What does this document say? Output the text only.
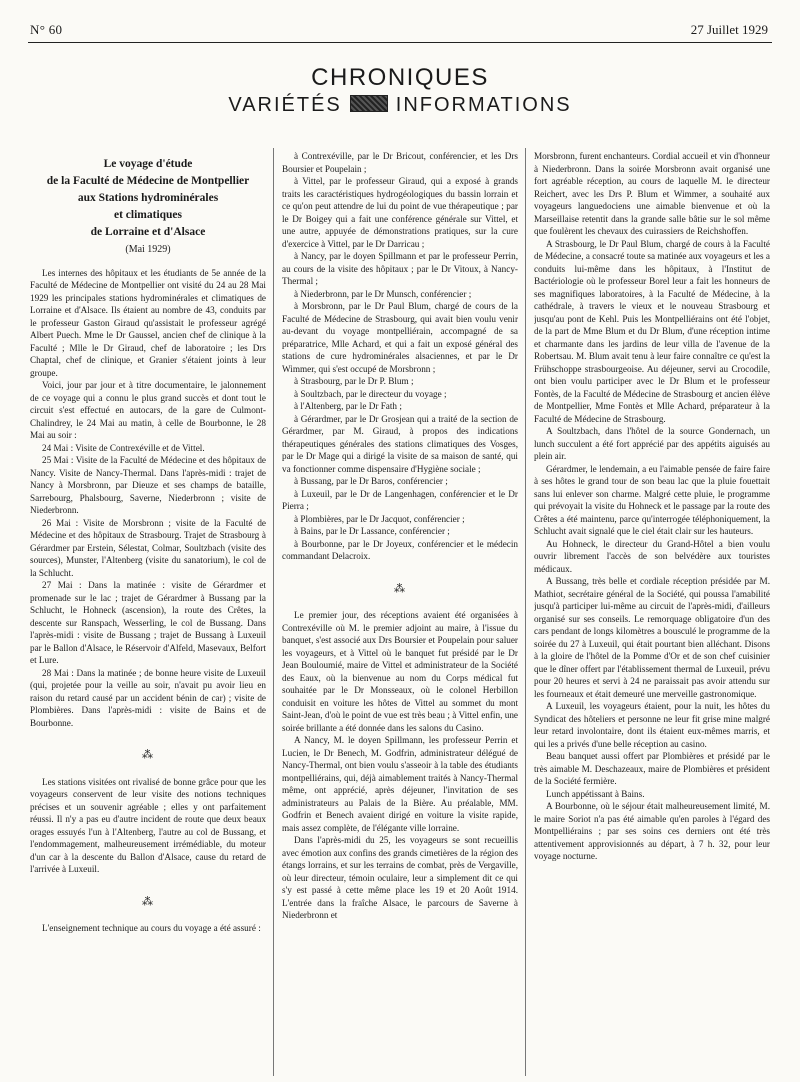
N° 60	27 Juillet 1929
CHRONIQUES
VARIÉTÉS	INFORMATIONS
Le voyage d'étude
de la Faculté de Médecine de Montpellier
aux Stations hydrominérales
et climatiques
de Lorraine et d'Alsace
(Mai 1929)

Les internes des hôpitaux et les étudiants de 5e année de la Faculté de Médecine de Montpellier ont visité du 24 au 28 Mai 1929 les principales stations hydrominérales et climatiques de Lorraine et d'Alsace. Ils étaient au nombre de 43, conduits par le professeur Gaston Giraud qu'assistait le professeur agrégé Albert Puech. Mme le Dr Gaussel, ancien chef de clinique à la Faculté ; Mlle le Dr Giraud, chef de laboratoire ; les Drs Chaptal, chef de clinique, et Granier s'étaient joints à leur groupe.

Voici, jour par jour et à titre documentaire, le jalonnement de ce voyage qui a connu le plus grand succès et dont tout le circuit s'est effectué en autocars, de la gare de Culmont-Chalindrey, le 24 Mai au matin, à celle de Bourbonne, le 28 Mai au soir :

24 Mai : Visite de Contrexéville et de Vittel.

25 Mai : Visite de la Faculté de Médecine et des hôpitaux de Nancy. Visite de Nancy-Thermal. Dans l'après-midi : trajet de Nancy à Morsbronn, par Dieuze et ses champs de bataille, Sarrebourg, Phalsbourg, Saverne, Niederbronn ; visite de Niederbronn.

26 Mai : Visite de Morsbronn ; visite de la Faculté de Médecine et des hôpitaux de Strasbourg. Trajet de Strasbourg à Gérardmer par Erstein, Sélestat, Colmar, Soultzbach (visite des sources), Munster, l'Altenberg (visite du sanatorium), le col de la Schlucht.

27 Mai : Dans la matinée : visite de Gérardmer et promenade sur le lac ; trajet de Gérardmer à Bussang par la Schlucht, le Hohneck (ascension), la route des Crêtes, la descente sur Ranspach, Wesserling, le col de Bussang. Dans l'après-midi : visite de Bussang ; trajet de Bussang à Luxeuil par le Ballon d'Alsace, le Réservoir d'Alfeld, Masevaux, Belfort et Lure.

28 Mai : Dans la matinée ; de bonne heure visite de Luxeuil (qui, projetée pour la veille au soir, n'avait pu avoir lieu en raison du retard causé par un accident bénin de car) ; visite de Plombières. Dans l'après-midi : visite de Bains et de Bourbonne.

⁂

Les stations visitées ont rivalisé de bonne grâce pour que les voyageurs conservent de leur visite des notions techniques précises et un souvenir agréable ; elles y ont parfaitement réussi. Il n'y a pas eu d'autre incident de route que deux beaux orages essuyés l'un à l'Altenberg, l'autre au col de Bussang, et l'endommagement, malheureusement irrémédiable, du moteur d'un car à la descente du Ballon d'Alsace, cause du retard de l'arrivée à Luxeuil.

⁂

L'enseignement technique au cours du voyage a été assuré :

à Contrexéville, par le Dr Bricout, conférencier, et les Drs Boursier et Poupelain ;

à Vittel, par le professeur Giraud, qui a exposé à grands traits les caractéristiques hydrogéologiques du bassin lorrain et ce qu'on peut attendre de lui du point de vue thérapeutique ; par le Dr Boigey qui a fait une conférence générale sur Vittel, et une autre, appuyée de démonstrations pratiques, sur la cure d'exercice à Vittel, par le Dr Darricau ;

à Nancy, par le doyen Spillmann et par le professeur Perrin, au cours de la visite des hôpitaux ; par le Dr Vitoux, à Nancy-Thermal ;

à Niederbronn, par le Dr Munsch, conférencier ;

à Morsbronn, par le Dr Paul Blum, chargé de cours de la Faculté de Médecine de Strasbourg, qui avait bien voulu venir au-devant du voyage montpelliérain, accompagné de sa préparatrice, Mlle Achard, et qui a fait un exposé général des stations de cure hydrominérales alsaciennes, et par le Dr Wimmer, qui s'est occupé de Morsbronn ;

à Strasbourg, par le Dr P. Blum ;

à Soultzbach, par le directeur du voyage ;

à l'Altenberg, par le Dr Fath ;

à Gérardmer, par le Dr Grosjean qui a traité de la section de Gérardmer, par M. Giraud, à propos des indications thérapeutiques générales des stations climatiques des Vosges, par le Dr Mage qui a dirigé la visite de sa maison de santé, qui va fonctionner comme dispensaire d'Hygiène sociale ;

à Bussang, par le Dr Baros, conférencier ;

à Luxeuil, par le Dr de Langenhagen, conférencier et le Dr Pierra ;

à Plombières, par le Dr Jacquot, conférencier ;

à Bains, par le Dr Lassance, conférencier ;

à Bourbonne, par le Dr Joyeux, conférencier et le médecin commandant Delacroix.

⁂

Le premier jour, des réceptions avaient été organisées à Contrexéville où M. le premier adjoint au maire, à l'issue du banquet, s'est associé aux Drs Boursier et Poupelain pour saluer les voyageurs, et à Vittel où le banquet fut présidé par le Dr Jean Bouloumié, maire de Vittel et administrateur de la Société des Eaux, où la bienvenue au nom du Corps médical fut souhaitée par le Dr Monsseaux, où le colonel Herbillon conduisit en voiture les hôtes de Vittel au sommet du mont Saint-Jean, d'où le point de vue est très beau ; à Vittel enfin, une soirée brillante a été donnée dans les salons du Casino.

A Nancy, M. le doyen Spillmann, les professeur Perrin et Lucien, le Dr Benech, M. Godfrin, administrateur délégué de Nancy-Thermal, ont bien voulu s'asseoir à la table des étudiants montpelliérains, qui, déjà aimablement traités à Nancy-Thermal même, ont apprécié, après déjeuner, l'invitation de ses administrateurs au Palais de la Bière. Au préalable, MM. Godfrin et Benech avaient dirigé en voiture la visite rapide, mais assez complète, de l'élégante ville lorraine.

Dans l'après-midi du 25, les voyageurs se sont recueillis avec émotion aux confins des grands cimetières de la région des étangs lorrains, et sur les terrains de combat, près de Vergaville, où leur directeur, témoin oculaire, leur a simplement dit ce qui s'y est passé à cette même place les 19 et 20 Août 1914. L'entrée dans la fraîche Alsace, le parcours de Saverne à Niederbronn et

Morsbronn, furent enchanteurs. Cordial accueil et vin d'honneur à Niederbronn. Dans la soirée Morsbronn avait organisé une fort agréable réception, au cours de laquelle M. le directeur Reichert, avec les Drs P. Blum et Wimmer, a souhaité aux voyageurs languedociens une aimable bienvenue et où la Marseillaise retentit dans la grande salle bâtie sur le sol même que foulèrent les chevaux des cuirassiers de Reichshoffen.

A Strasbourg, le Dr Paul Blum, chargé de cours à la Faculté de Médecine, a consacré toute sa matinée aux voyageurs et les a conduits lui-même dans les hôpitaux, à l'Institut de Bactériologie où le professeur Borel leur a fait les honneurs de ses magnifiques laboratoires, à la Faculté de Médecine, à la cathédrale, à travers le vieux et le nouveau Strasbourg et jusqu'au pont de Kehl. Puis les Montpelliérains ont été l'objet, de la part de Mme Blum et du Dr Blum, d'une réception intime et charmante dans les jardins de leur villa de l'avenue de la Robertsau. M. Blum avait tenu à leur faire connaître ce qu'est la Frühschoppe strasbourgeoise. Au déjeuner, servi au Crocodile, ont bien voulu participer avec le Dr Blum et le professeur Fontès, de la Faculté de Médecine de Strasbourg et ancien élève de Montpellier, Mme Fontès et Mlle Achard, préparateur à la Faculté de Médecine de Strasbourg.

A Soultzbach, dans l'hôtel de la source Gondernach, un lunch succulent a été fort apprécié par des appétits aiguisés au plein air.

Gérardmer, le lendemain, a eu l'aimable pensée de faire faire à ses hôtes le grand tour de son beau lac que la pluie fouettait sans lui enlever son charme. Malgré cette pluie, le programme qui prévoyait la visite du Hohneck et le passage par la route des Crêtes a été maintenu, parce qu'interrogée téléphoniquement, la Schlucht avait signalé que le ciel était clair sur les hauteurs.

Au Hohneck, le directeur du Grand-Hôtel a bien voulu ouvrir librement l'accès de son belvédère aux touristes médicaux.

A Bussang, très belle et cordiale réception présidée par M. Mathiot, secrétaire général de la Société, qui poussa l'amabilité jusqu'à participer lui-même au circuit de l'après-midi, d'ailleurs organisé sur ses conseils. Le remorquage obligatoire d'un des cars pendant de longs kilomètres a bousculé le programme de la soirée du 27 à Luxeuil, qui était pourtant bien alléchant. Disons à la gloire de l'hôtel de la Pomme d'Or et de son chef cuisinier que le dîner offert par l'établissement thermal de Luxeuil, prévu pour 20 heures et servi à 24 ne paraissait pas avoir attendu sur les fourneaux et était demeuré une merveille gastronomique.

A Luxeuil, les voyageurs étaient, pour la nuit, les hôtes du Syndicat des hôteliers et personne ne leur fit grise mine malgré leur retard involontaire, dont ils étaient eux-mêmes marris, et qui les a privés d'une belle réception au casino.

Beau banquet aussi offert par Plombières et présidé par le très aimable M. Deschazeaux, maire de Plombières et président de la Société fermière.

Lunch appétissant à Bains.

A Bourbonne, où le séjour était malheureusement limité, M. le maire Soriot n'a pas été aimable qu'en paroles à l'égard des Montpelliérains ; par ses soins ces derniers ont été très attentivement approvisionnés au départ, à 7 h. 32, pour leur voyage nocturne.
